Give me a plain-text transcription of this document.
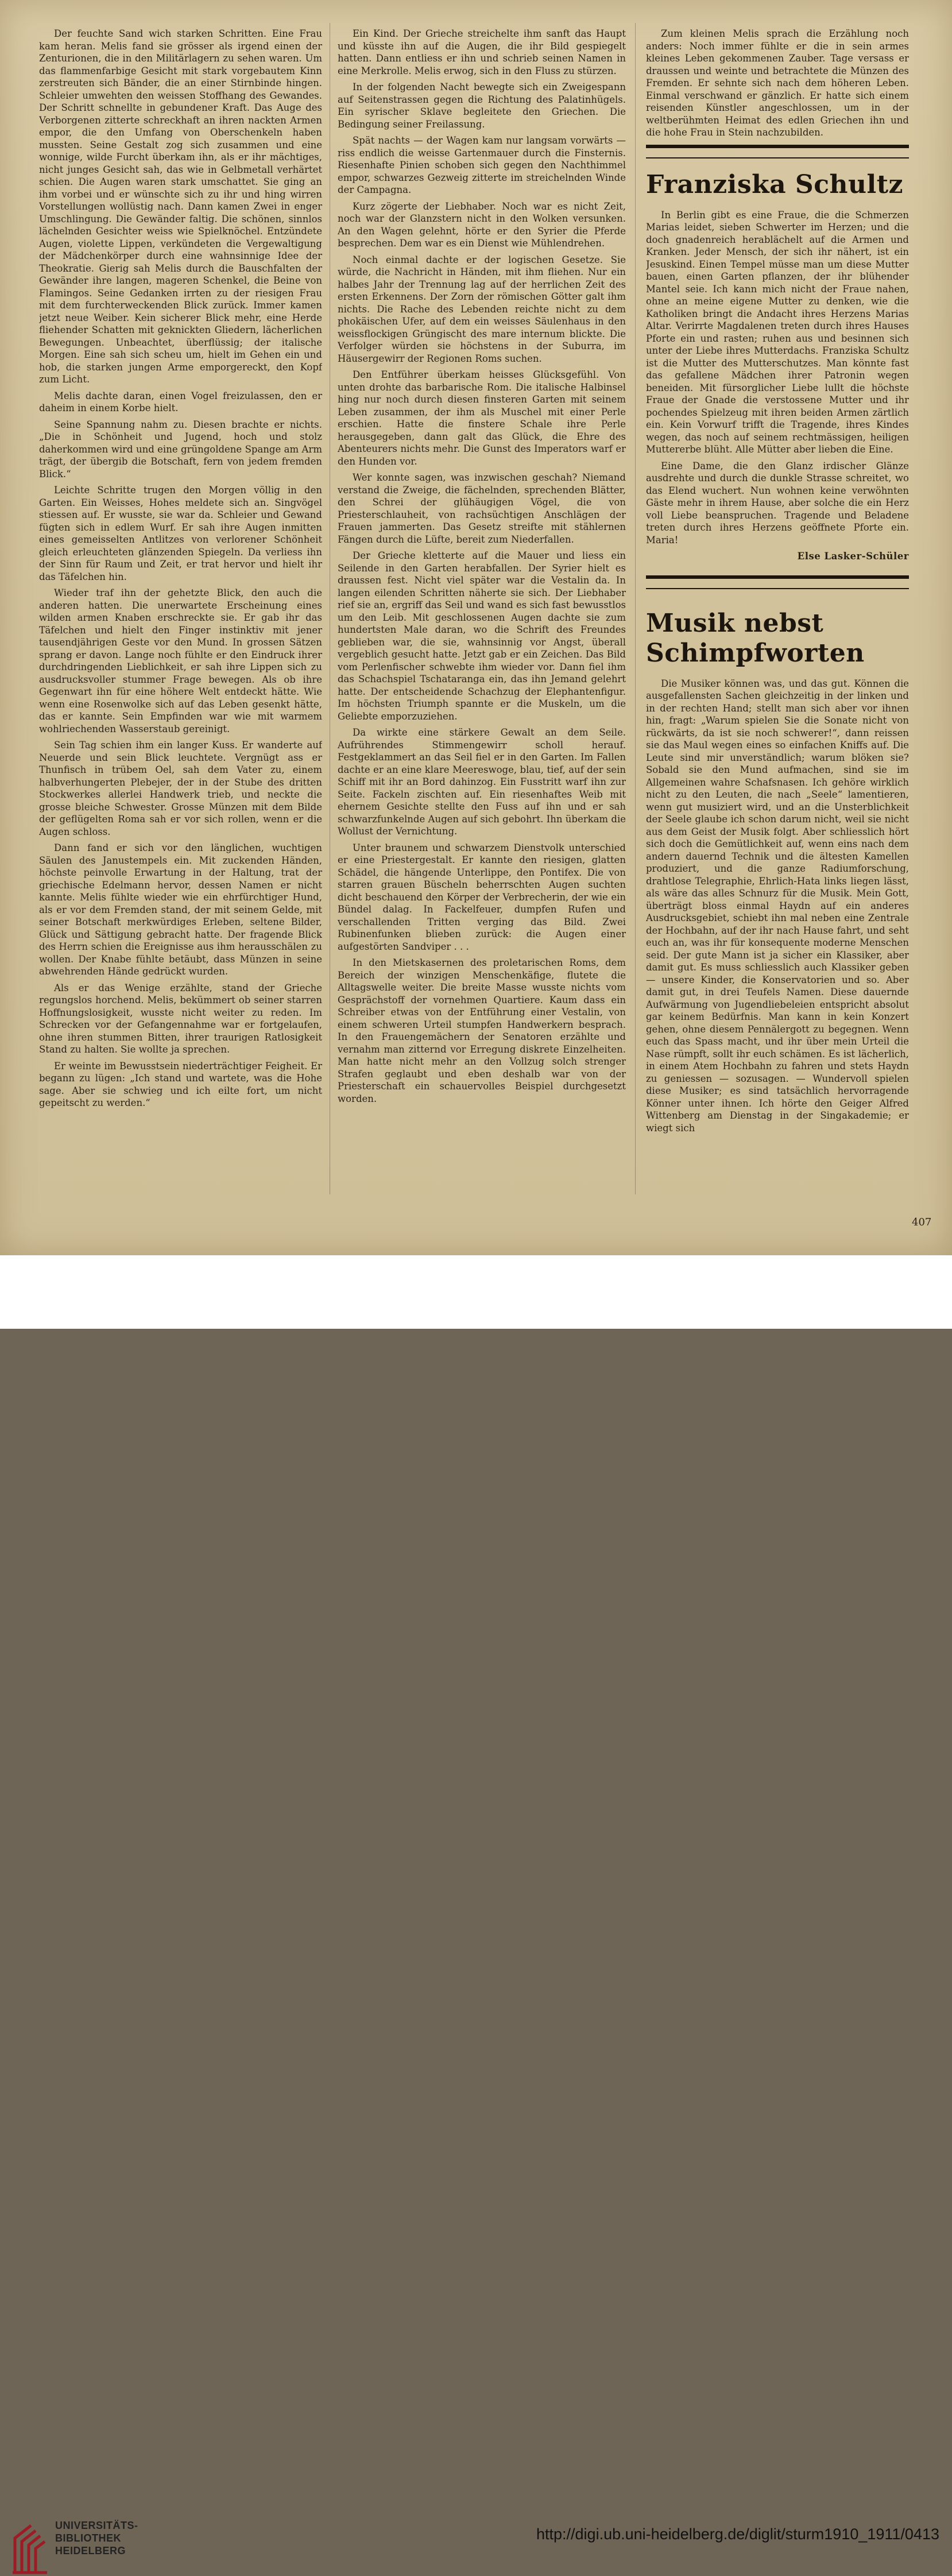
Der feuchte Sand wich starken Schritten. Eine Frau kam heran. Melis fand sie grösser als irgend einen der Zenturionen, die in den Militärlagern zu sehen waren. Um das flammenfarbige Gesicht mit stark vorgebautem Kinn zerstreuten sich Bänder, die an einer Stirnbinde hingen. Schleier umwehten den weissen Stoffhang des Gewandes. Der Schritt schnellte in gebundener Kraft. Das Auge des Verborgenen zitterte schreckhaft an ihren nackten Armen empor, die den Umfang von Oberschenkeln haben mussten. Seine Gestalt zog sich zusammen und eine wonnige, wilde Furcht überkam ihn, als er ihr mächtiges, nicht junges Gesicht sah, das wie in Gelbmetall verhärtet schien. Die Augen waren stark umschattet. Sie ging an ihm vorbei und er wünschte sich zu ihr und hing wirren Vorstellungen wollüstig nach. Dann kamen Zwei in enger Umschlingung. Die Gewänder faltig. Die schönen, sinnlos lächelnden Gesichter weiss wie Spielknöchel. Entzündete Augen, violette Lippen, verkündeten die Vergewaltigung der Mädchenkörper durch eine wahnsinnige Idee der Theokratie. Gierig sah Melis durch die Bauschfalten der Gewänder ihre langen, mageren Schenkel, die Beine von Flamingos. Seine Gedanken irrten zu der riesigen Frau mit dem furchterweckenden Blick zurück. Immer kamen jetzt neue Weiber. Kein sicherer Blick mehr, eine Herde fliehender Schatten mit geknickten Gliedern, lächerlichen Bewegungen. Unbeachtet, überflüssig; der italische Morgen. Eine sah sich scheu um, hielt im Gehen ein und hob, die starken jungen Arme emporgereckt, den Kopf zum Licht.

Melis dachte daran, einen Vogel freizulassen, den er daheim in einem Korbe hielt.

Seine Spannung nahm zu. Diesen brachte er nichts. „Die in Schönheit und Jugend, hoch und stolz daherkommen wird und eine grüngoldene Spange am Arm trägt, der übergib die Botschaft, fern von jedem fremden Blick.“

Leichte Schritte trugen den Morgen völlig in den Garten. Ein Weisses, Hohes meldete sich an. Singvögel stiessen auf. Er wusste, sie war da. Schleier und Gewand fügten sich in edlem Wurf. Er sah ihre Augen inmitten eines gemeisselten Antlitzes von verlorener Schönheit gleich erleuchteten glänzenden Spiegeln. Da verliess ihn der Sinn für Raum und Zeit, er trat hervor und hielt ihr das Täfelchen hin.

Wieder traf ihn der gehetzte Blick, den auch die anderen hatten. Die unerwartete Erscheinung eines wilden armen Knaben erschreckte sie. Er gab ihr das Täfelchen und hielt den Finger instinktiv mit jener tausendjährigen Geste vor den Mund. In grossen Sätzen sprang er davon. Lange noch fühlte er den Eindruck ihrer durchdringenden Lieblichkeit, er sah ihre Lippen sich zu ausdrucksvoller stummer Frage bewegen. Als ob ihre Gegenwart ihn für eine höhere Welt entdeckt hätte. Wie wenn eine Rosenwolke sich auf das Leben gesenkt hätte, das er kannte. Sein Empfinden war wie mit warmem wohlriechenden Wasserstaub gereinigt.

Sein Tag schien ihm ein langer Kuss. Er wanderte auf Neuerde und sein Blick leuchtete. Vergnügt ass er Thunfisch in trübem Oel, sah dem Vater zu, einem halbverhungerten Plebejer, der in der Stube des dritten Stockwerkes allerlei Handwerk trieb, und neckte die grosse bleiche Schwester. Grosse Münzen mit dem Bilde der geflügelten Roma sah er vor sich rollen, wenn er die Augen schloss.

Dann fand er sich vor den länglichen, wuchtigen Säulen des Janustempels ein. Mit zuckenden Händen, höchste peinvolle Erwartung in der Haltung, trat der griechische Edelmann hervor, dessen Namen er nicht kannte. Melis fühlte wieder wie ein ehrfürchtiger Hund, als er vor dem Fremden stand, der mit seinem Gelde, mit seiner Botschaft merkwürdiges Erleben, seltene Bilder, Glück und Sättigung gebracht hatte. Der fragende Blick des Herrn schien die Ereignisse aus ihm herausschälen zu wollen. Der Knabe fühlte betäubt, dass Münzen in seine abwehrenden Hände gedrückt wurden.

Als er das Wenige erzählte, stand der Grieche regungslos horchend. Melis, bekümmert ob seiner starren Hoffnungslosigkeit, wusste nicht weiter zu reden. Im Schrecken vor der Gefangennahme war er fortgelaufen, ohne ihren stummen Bitten, ihrer traurigen Ratlosigkeit Stand zu halten. Sie wollte ja sprechen.

Er weinte im Bewusstsein niederträchtiger Feigheit. Er begann zu lügen: „Ich stand und wartete, was die Hohe sage. Aber sie schwieg und ich eilte fort, um nicht gepeitscht zu werden.“

Ein Kind. Der Grieche streichelte ihm sanft das Haupt und küsste ihn auf die Augen, die ihr Bild gespiegelt hatten. Dann entliess er ihn und schrieb seinen Namen in eine Merkrolle. Melis erwog, sich in den Fluss zu stürzen.

In der folgenden Nacht bewegte sich ein Zweigespann auf Seitenstrassen gegen die Richtung des Palatinhügels. Ein syrischer Sklave begleitete den Griechen. Die Bedingung seiner Freilassung.

Spät nachts — der Wagen kam nur langsam vorwärts — riss endlich die weisse Gartenmauer durch die Finsternis. Riesenhafte Pinien schoben sich gegen den Nachthimmel empor, schwarzes Gezweig zitterte im streichelnden Winde der Campagna.

Kurz zögerte der Liebhaber. Noch war es nicht Zeit, noch war der Glanzstern nicht in den Wolken versunken. An den Wagen gelehnt, hörte er den Syrier die Pferde besprechen. Dem war es ein Dienst wie Mühlendrehen.

Noch einmal dachte er der logischen Gesetze. Sie würde, die Nachricht in Händen, mit ihm fliehen. Nur ein halbes Jahr der Trennung lag auf der herrlichen Zeit des ersten Erkennens. Der Zorn der römischen Götter galt ihm nichts. Die Rache des Lebenden reichte nicht zu dem phokäischen Ufer, auf dem ein weisses Säulenhaus in den weissflockigen Grüngischt des mare internum blickte. Die Verfolger würden sie höchstens in der Suburra, im Häusergewirr der Regionen Roms suchen.

Den Entführer überkam heisses Glücksgefühl. Von unten drohte das barbarische Rom. Die italische Halbinsel hing nur noch durch diesen finsteren Garten mit seinem Leben zusammen, der ihm als Muschel mit einer Perle erschien. Hatte die finstere Schale ihre Perle herausgegeben, dann galt das Glück, die Ehre des Abenteurers nichts mehr. Die Gunst des Imperators warf er den Hunden vor.

Wer konnte sagen, was inzwischen geschah? Niemand verstand die Zweige, die fächelnden, sprechenden Blätter, den Schrei der glühäugigen Vögel, die von Priesterschlauheit, von rachsüchtigen Anschlägen der Frauen jammerten. Das Gesetz streifte mit stählernen Fängen durch die Lüfte, bereit zum Niederfallen.

Der Grieche kletterte auf die Mauer und liess ein Seilende in den Garten herabfallen. Der Syrier hielt es draussen fest. Nicht viel später war die Vestalin da. In langen eilenden Schritten näherte sie sich. Der Liebhaber rief sie an, ergriff das Seil und wand es sich fast bewusstlos um den Leib. Mit geschlossenen Augen dachte sie zum hundertsten Male daran, wo die Schrift des Freundes geblieben war, die sie, wahnsinnig vor Angst, überall vergeblich gesucht hatte. Jetzt gab er ein Zeichen. Das Bild vom Perlenfischer schwebte ihm wieder vor. Dann fiel ihm das Schachspiel Tschataranga ein, das ihn Jemand gelehrt hatte. Der entscheidende Schachzug der Elephantenfigur. Im höchsten Triumph spannte er die Muskeln, um die Geliebte emporzuziehen.

Da wirkte eine stärkere Gewalt an dem Seile. Aufrührendes Stimmengewirr scholl herauf. Festgeklammert an das Seil fiel er in den Garten. Im Fallen dachte er an eine klare Meereswoge, blau, tief, auf der sein Schiff mit ihr an Bord dahinzog. Ein Fusstritt warf ihn zur Seite. Fackeln zischten auf. Ein riesenhaftes Weib mit ehernem Gesichte stellte den Fuss auf ihn und er sah schwarzfunkelnde Augen auf sich gebohrt. Ihn überkam die Wollust der Vernichtung.

Unter braunem und schwarzem Dienstvolk unterschied er eine Priestergestalt. Er kannte den riesigen, glatten Schädel, die hängende Unterlippe, den Pontifex. Die von starren grauen Büscheln beherrschten Augen suchten dicht beschauend den Körper der Verbrecherin, der wie ein Bündel dalag. In Fackelfeuer, dumpfen Rufen und verschallenden Tritten verging das Bild. Zwei Rubinenfunken blieben zurück: die Augen einer aufgestörten Sandviper . . .

In den Mietskasernen des proletarischen Roms, dem Bereich der winzigen Menschenkäfige, flutete die Alltagswelle weiter. Die breite Masse wusste nichts vom Gesprächstoff der vornehmen Quartiere. Kaum dass ein Schreiber etwas von der Entführung einer Vestalin, von einem schweren Urteil stumpfen Handwerkern besprach. In den Frauengemächern der Senatoren erzählte und vernahm man zitternd vor Erregung diskrete Einzelheiten. Man hatte nicht mehr an den Vollzug solch strenger Strafen geglaubt und eben deshalb war von der Priesterschaft ein schauervolles Beispiel durchgesetzt worden.

Zum kleinen Melis sprach die Erzählung noch anders: Noch immer fühlte er die in sein armes kleines Leben gekommenen Zauber. Tage versass er draussen und weinte und betrachtete die Münzen des Fremden. Er sehnte sich nach dem höheren Leben. Einmal verschwand er gänzlich. Er hatte sich einem reisenden Künstler angeschlossen, um in der weltberühmten Heimat des edlen Griechen ihn und die hohe Frau in Stein nachzubilden.

Franziska Schultz

In Berlin gibt es eine Fraue, die die Schmerzen Marias leidet, sieben Schwerter im Herzen; und die doch gnadenreich herablächelt auf die Armen und Kranken. Jeder Mensch, der sich ihr nähert, ist ein Jesuskind. Einen Tempel müsse man um diese Mutter bauen, einen Garten pflanzen, der ihr blühender Mantel seie. Ich kann mich nicht der Fraue nahen, ohne an meine eigene Mutter zu denken, wie die Katholiken bringt die Andacht ihres Herzens Marias Altar. Verirrte Magdalenen treten durch ihres Hauses Pforte ein und rasten; ruhen aus und besinnen sich unter der Liebe ihres Mutterdachs. Franziska Schultz ist die Mutter des Mutterschutzes. Man könnte fast das gefallene Mädchen ihrer Patronin wegen beneiden. Mit fürsorglicher Liebe lullt die höchste Fraue der Gnade die verstossene Mutter und ihr pochendes Spielzeug mit ihren beiden Armen zärtlich ein. Kein Vorwurf trifft die Tragende, ihres Kindes wegen, das noch auf seinem rechtmässigen, heiligen Muttererbe blüht. Alle Mütter aber lieben die Eine.

Eine Dame, die den Glanz irdischer Glänze ausdrehte und durch die dunkle Strasse schreitet, wo das Elend wuchert. Nun wohnen keine verwöhnten Gäste mehr in ihrem Hause, aber solche die ein Herz voll Liebe beanspruchen. Tragende und Beladene treten durch ihres Herzens geöffnete Pforte ein. Maria!

Else Lasker-Schüler
Musik nebst Schimpfworten

Die Musiker können was, und das gut. Können die ausgefallensten Sachen gleichzeitig in der linken und in der rechten Hand; stellt man sich aber vor ihnen hin, fragt: „Warum spielen Sie die Sonate nicht von rückwärts, da ist sie noch schwerer!“, dann reissen sie das Maul wegen eines so einfachen Kniffs auf. Die Leute sind mir unverständlich; warum blöken sie? Sobald sie den Mund aufmachen, sind sie im Allgemeinen wahre Schafsnasen. Ich gehöre wirklich nicht zu den Leuten, die nach „Seele“ lamentieren, wenn gut musiziert wird, und an die Unsterblichkeit der Seele glaube ich schon darum nicht, weil sie nicht aus dem Geist der Musik folgt. Aber schliesslich hört sich doch die Gemütlichkeit auf, wenn eins nach dem andern dauernd Technik und die ältesten Kamellen produziert, und die ganze Radiumforschung, drahtlose Telegraphie, Ehrlich-Hata links liegen lässt, als wäre das alles Schnurz für die Musik. Mein Gott, überträgt bloss einmal Haydn auf ein anderes Ausdrucksgebiet, schiebt ihn mal neben eine Zentrale der Hochbahn, auf der ihr nach Hause fahrt, und seht euch an, was ihr für konsequente moderne Menschen seid. Der gute Mann ist ja sicher ein Klassiker, aber damit gut. Es muss schliesslich auch Klassiker geben — unsere Kinder, die Konservatorien und so. Aber damit gut, in drei Teufels Namen. Diese dauernde Aufwärmung von Jugendliebeleien entspricht absolut gar keinem Bedürfnis. Man kann in kein Konzert gehen, ohne diesem Pennälergott zu begegnen. Wenn euch das Spass macht, und ihr über mein Urteil die Nase rümpft, sollt ihr euch schämen. Es ist lächerlich, in einem Atem Hochbahn zu fahren und stets Haydn zu geniessen — sozusagen. — Wundervoll spielen diese Musiker; es sind tatsächlich hervorragende Könner unter ihnen. Ich hörte den Geiger Alfred Wittenberg am Dienstag in der Singakademie; er wiegt sich

407
UNIVERSITÄTS-
BIBLIOTHEK
HEIDELBERG
http://digi.ub.uni-heidelberg.de/diglit/sturm1910_1911/0413
